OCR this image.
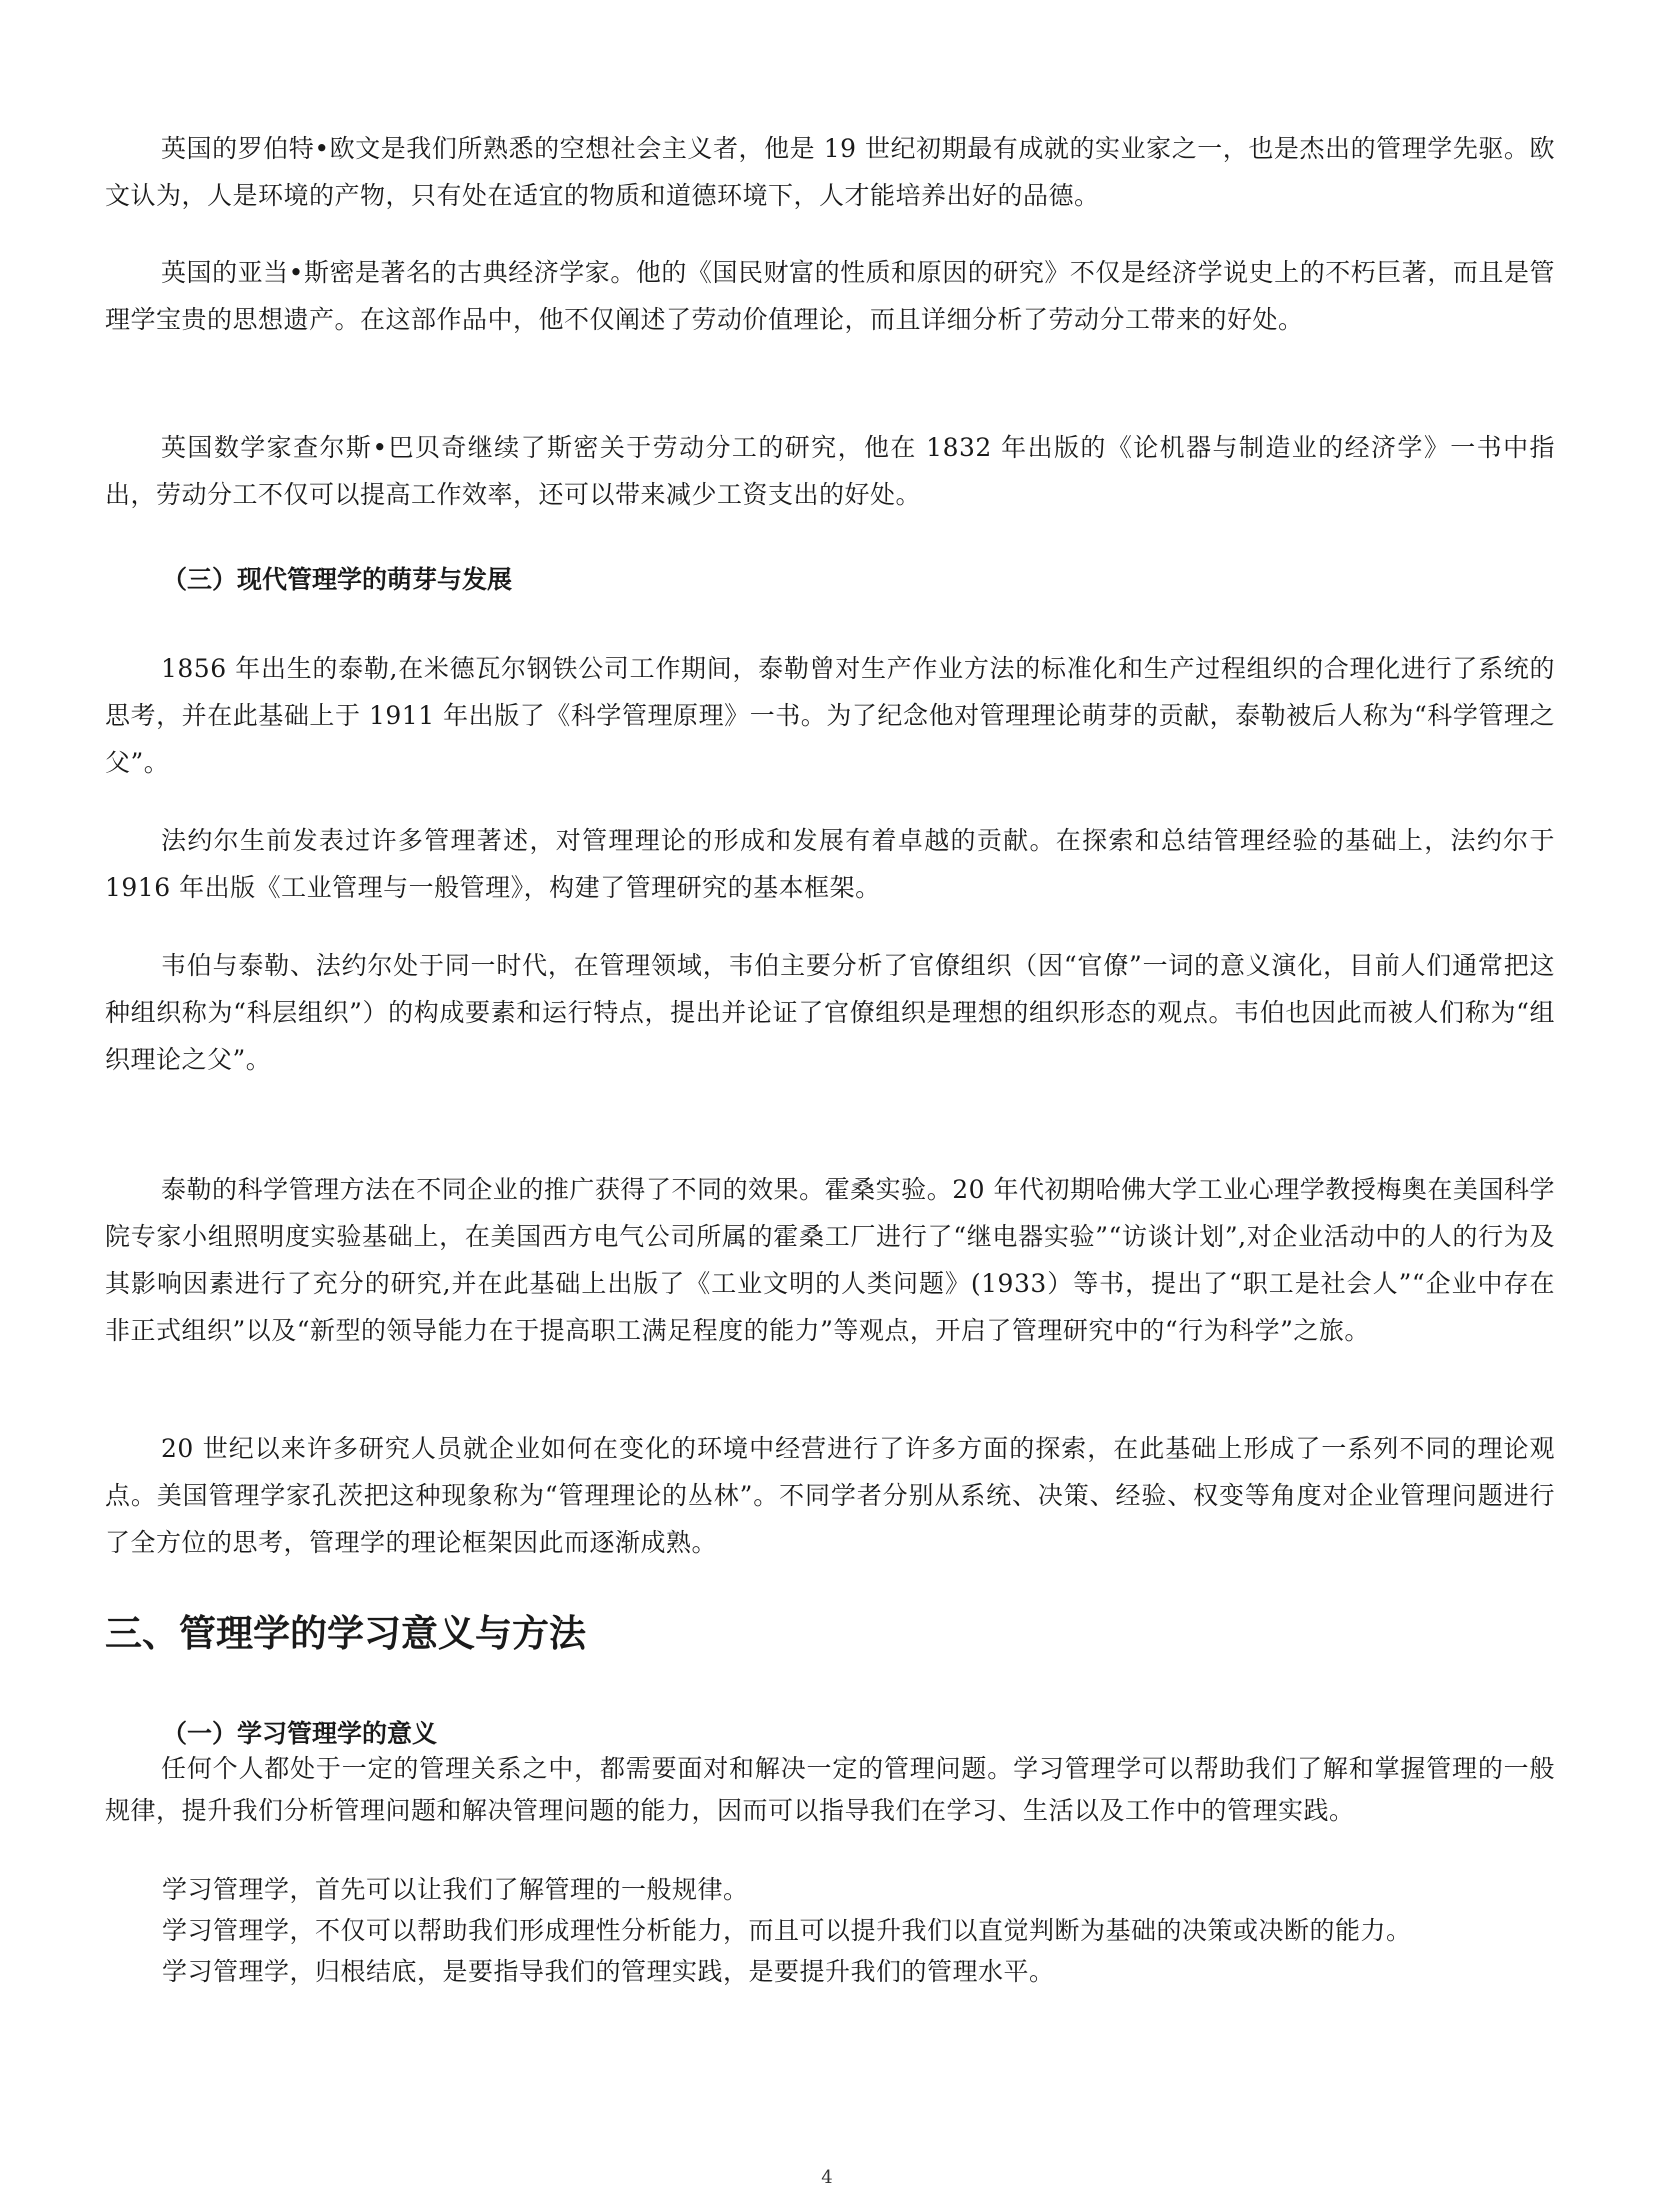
英国的罗伯特•欧文是我们所熟悉的空想社会主义者，他是 19 世纪初期最有成就的实业家之一，也是杰出的管理学先驱。欧文认为，人是环境的产物，只有处在适宜的物质和道德环境下，人才能培养出好的品德。

英国的亚当•斯密是著名的古典经济学家。他的《国民财富的性质和原因的研究》不仅是经济学说史上的不朽巨著，而且是管理学宝贵的思想遗产。在这部作品中，他不仅阐述了劳动价值理论，而且详细分析了劳动分工带来的好处。

英国数学家查尔斯•巴贝奇继续了斯密关于劳动分工的研究，他在 1832 年出版的《论机器与制造业的经济学》一书中指出，劳动分工不仅可以提高工作效率，还可以带来减少工资支出的好处。

（三）现代管理学的萌芽与发展

1856 年出生的泰勒,在米德瓦尔钢铁公司工作期间，泰勒曾对生产作业方法的标准化和生产过程组织的合理化进行了系统的思考，并在此基础上于 1911 年出版了《科学管理原理》一书。为了纪念他对管理理论萌芽的贡献，泰勒被后人称为“科学管理之父”。

法约尔生前发表过许多管理著述，对管理理论的形成和发展有着卓越的贡献。在探索和总结管理经验的基础上，法约尔于 1916 年出版《工业管理与一般管理》，构建了管理研究的基本框架。

韦伯与泰勒、法约尔处于同一时代，在管理领域，韦伯主要分析了官僚组织（因“官僚”一词的意义演化，目前人们通常把这种组织称为“科层组织”）的构成要素和运行特点，提出并论证了官僚组织是理想的组织形态的观点。韦伯也因此而被人们称为“组织理论之父”。

泰勒的科学管理方法在不同企业的推广获得了不同的效果。霍桑实验。20 年代初期哈佛大学工业心理学教授梅奥在美国科学院专家小组照明度实验基础上，在美国西方电气公司所属的霍桑工厂进行了“继电器实验”“访谈计划”,对企业活动中的人的行为及其影响因素进行了充分的研究,并在此基础上出版了《工业文明的人类问题》(1933）等书，提出了“职工是社会人”“企业中存在非正式组织”以及“新型的领导能力在于提高职工满足程度的能力”等观点，开启了管理研究中的“行为科学”之旅。

20 世纪以来许多研究人员就企业如何在变化的环境中经营进行了许多方面的探索，在此基础上形成了一系列不同的理论观点。美国管理学家孔茨把这种现象称为“管理理论的丛林”。不同学者分别从系统、决策、经验、权变等角度对企业管理问题进行了全方位的思考，管理学的理论框架因此而逐渐成熟。

三、管理学的学习意义与方法
（一）学习管理学的意义

任何个人都处于一定的管理关系之中，都需要面对和解决一定的管理问题。学习管理学可以帮助我们了解和掌握管理的一般规律，提升我们分析管理问题和解决管理问题的能力，因而可以指导我们在学习、生活以及工作中的管理实践。

学习管理学，首先可以让我们了解管理的一般规律。

学习管理学，不仅可以帮助我们形成理性分析能力，而且可以提升我们以直觉判断为基础的决策或决断的能力。

学习管理学，归根结底，是要指导我们的管理实践，是要提升我们的管理水平。

4
